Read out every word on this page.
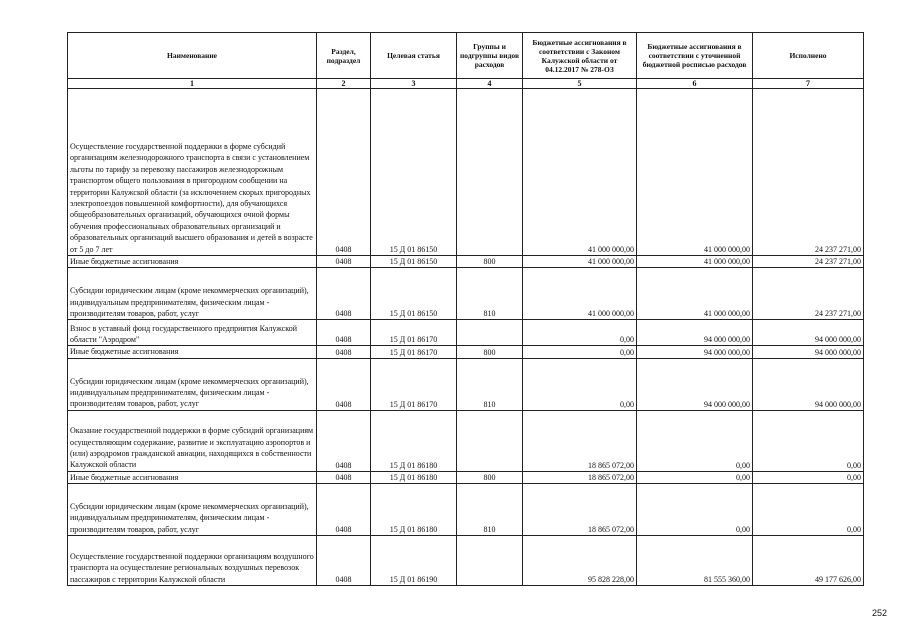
Наименование	Раздел, подраздел	Целевая статья	Группы и подгруппы видов расходов	Бюджетные ассигнования в соответствии с Законом Калужской области от 04.12.2017 № 278-ОЗ	Бюджетные ассигнования в соответствии с уточненной бюджетной росписью расходов	Исполнено
1	2	3	4	5	6	7
Осуществление государственной поддержки в форме субсидий организациям железнодорожного транспорта в связи с установлением льготы по тарифу за перевозку пассажиров железнодорожным транспортом общего пользования в пригородном сообщении на территории Калужской области (за исключением скорых пригородных электропоездов повышенной комфортности), для обучающихся общеобразовательных организаций, обучающихся очной формы обучения профессиональных образовательных организаций и образовательных организаций высшего образования и детей в возрасте от 5 до 7 лет	0408	15 Д 01 86150		41 000 000,00	41 000 000,00	24 237 271,00
Иные бюджетные ассигнования	0408	15 Д 01 86150	800	41 000 000,00	41 000 000,00	24 237 271,00
Субсидии юридическим лицам (кроме некоммерческих организаций), индивидуальным предпринимателям, физическим лицам - производителям товаров, работ, услуг	0408	15 Д 01 86150	810	41 000 000,00	41 000 000,00	24 237 271,00
Взнос в уставный фонд государственного предприятия Калужской области "Аэродром"	0408	15 Д 01 86170		0,00	94 000 000,00	94 000 000,00
Иные бюджетные ассигнования	0408	15 Д 01 86170	800	0,00	94 000 000,00	94 000 000,00
Субсидии юридическим лицам (кроме некоммерческих организаций), индивидуальным предпринимателям, физическим лицам - производителям товаров, работ, услуг	0408	15 Д 01 86170	810	0,00	94 000 000,00	94 000 000,00
Оказание государственной поддержки в форме субсидий организациям осуществляющим содержание, развитие и эксплуатацию аэропортов и (или) аэродромов гражданской авиации, находящихся в собственности Калужской области	0408	15 Д 01 86180		18 865 072,00	0,00	0,00
Иные бюджетные ассигнования	0408	15 Д 01 86180	800	18 865 072,00	0,00	0,00
Субсидии юридическим лицам (кроме некоммерческих организаций), индивидуальным предпринимателям, физическим лицам - производителям товаров, работ, услуг	0408	15 Д 01 86180	810	18 865 072,00	0,00	0,00
Осуществление государственной поддержки организациям воздушного транспорта на осуществление региональных воздушных перевозок пассажиров с территории Калужской области	0408	15 Д 01 86190		95 828 228,00	81 555 360,00	49 177 626,00
252
